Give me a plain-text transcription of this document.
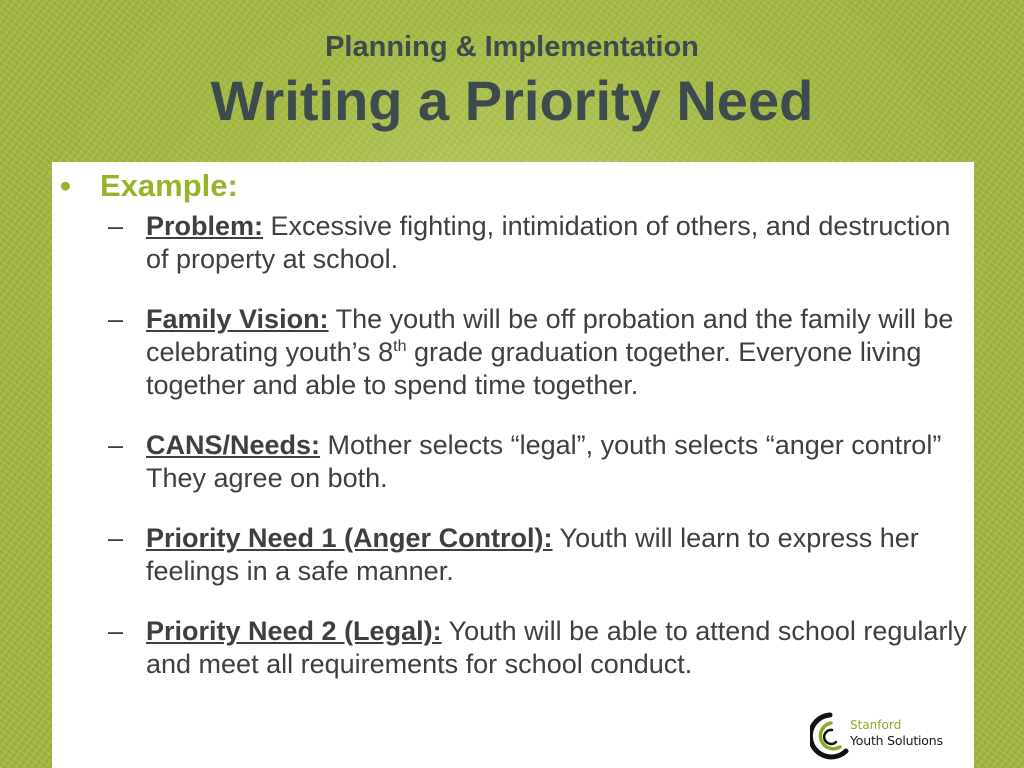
Planning & Implementation
Writing a Priority Need
• Example:
– Problem: Excessive fighting, intimidation of others, and destruction of property at school.
– Family Vision: The youth will be off probation and the family will be celebrating youth’s 8th grade graduation together. Everyone living together and able to spend time together.
– CANS/Needs: Mother selects “legal”, youth selects “anger control” They agree on both.
– Priority Need 1 (Anger Control): Youth will learn to express her feelings in a safe manner.
– Priority Need 2 (Legal): Youth will be able to attend school regularly and meet all requirements for school conduct.
Stanford
Youth Solutions
